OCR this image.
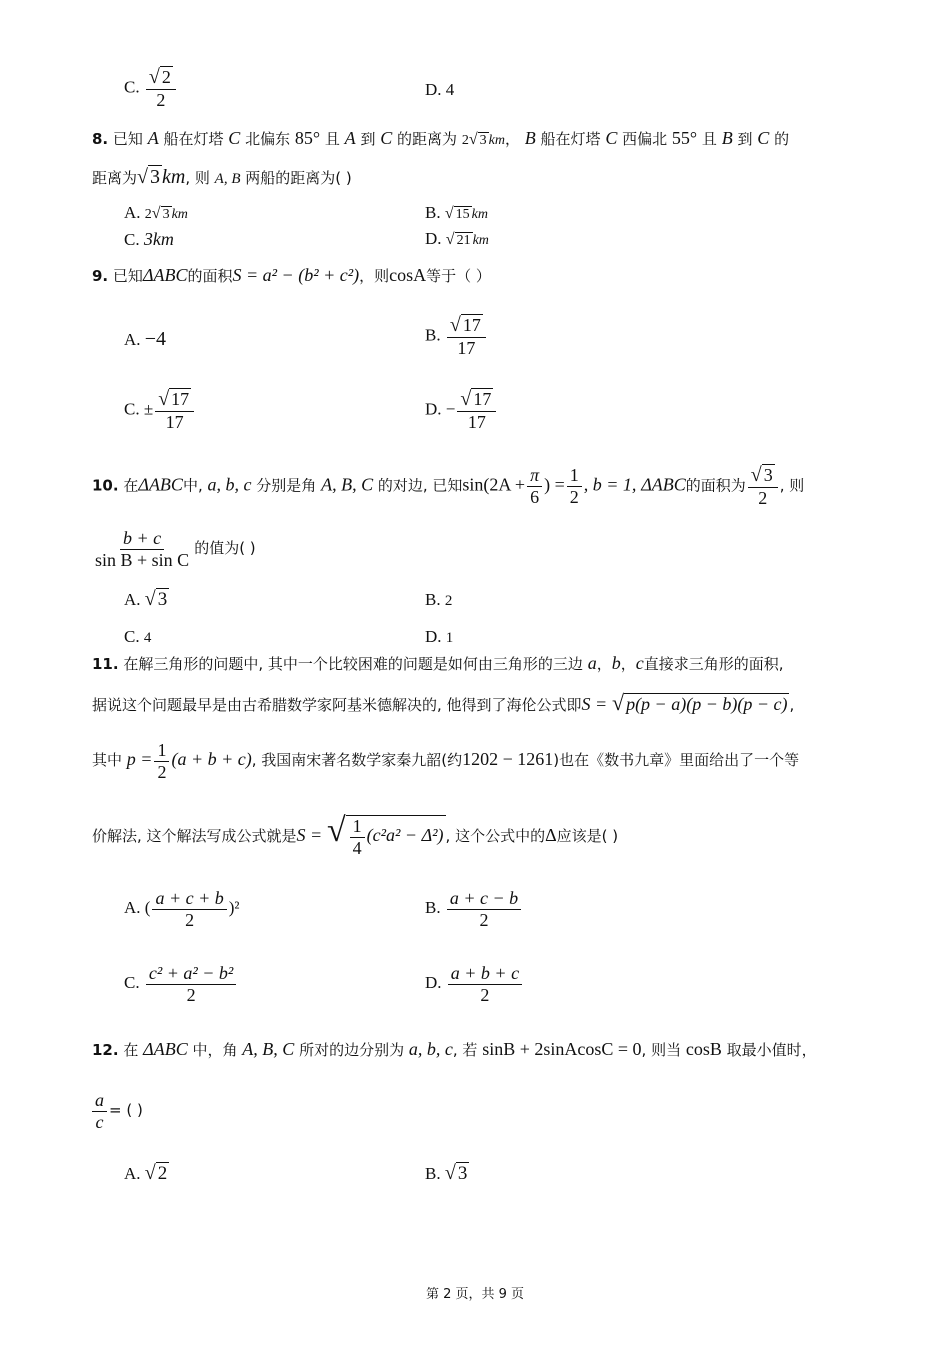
C. $\frac{√ 2}{2}$	D. 4
8. 已知 A 船在灯塔 C 北偏东 85° 且 A 到 C 的距离为 2√ 3 km， B 船在灯塔 C 西偏北 55° 且 B 到 C 的
距离为√ 3 km, 则 A, B 两船的距离为( )
A. 2√ 3 km	B. √ 15 km
C. 3km	D. √ 21 km
9. 已知ΔABC的面积S = a² − (b² + c²)，则cosA等于（ ）
A. −4	B. $\frac{√ 17}{17}$
C. ± $\frac{√ 17}{17}$	D. − $\frac{√ 17}{17}$
10. 在ΔABC中, a, b, c 分别是角 A, B, C 的对边, 已知$\sin(2A + \frac{\pi}{6}$ ) = $\frac{1}{2}$ , b = 1, ΔABC的面积为 $\frac{√ 3}{2}$ , 则
$\frac{b + c}{\text{sin B + sin C}}$ 的值为( )
A. √ 3	B. 2
C. 4	D. 1
11. 在解三角形的问题中, 其中一个比较困难的问题是如何由三角形的三边 a，b，c直接求三角形的面积,
据说这个问题最早是由古希腊数学家阿基米德解决的, 他得到了海伦公式即S = √ p(p − a)(p − b)(p − c) ,
其中 $p = \frac{1}{2} (a + b + c)$, 我国南宋著名数学家秦九韶(约1202 − 1261)也在《数书九章》里面给出了一个等
价解法, 这个解法写成公式就是S = √ $\frac{1}{4} (c^2a^2 - \Delta^2)$ , 这个公式中的Δ应该是( )
A. ( $\frac{a + c + b}{2} )^2$	B. $\frac{a + c - b}{2}$
C. $\frac{\text{c² + a² − b²}}{2}$	D. $\frac{a + b + c}{2}$
12. 在 ΔABC 中，角 A, B, C 所对的边分别为 a, b, c, 若 sinB + 2sinAcosC = 0, 则当 cosB 取最小值时，
$\frac{a}{c}$ = ( )
A. √ 2	B. √ 3
第 2 页，共 9 页
